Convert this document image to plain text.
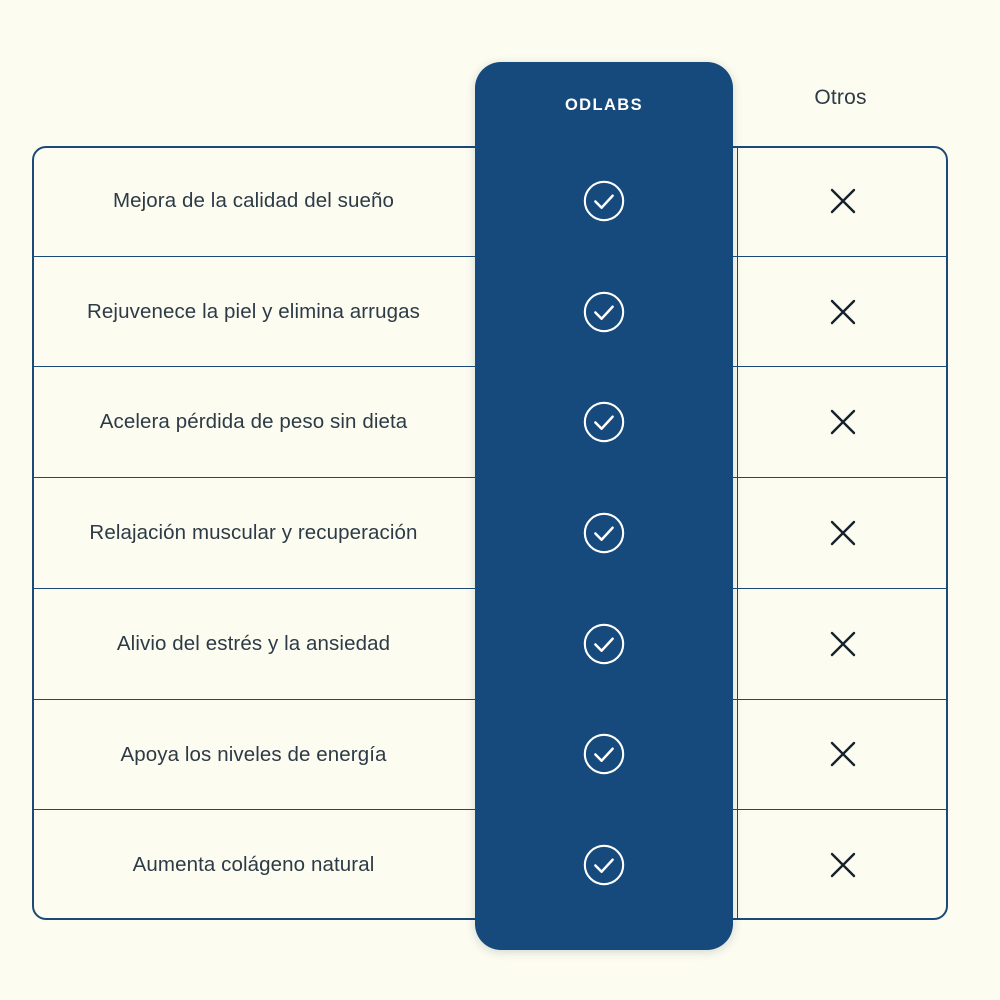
Mejora de la calidad del sueño
Rejuvenece la piel y elimina arrugas
Acelera pérdida de peso sin dieta
Relajación muscular y recuperación
Alivio del estrés y la ansiedad
Apoya los niveles de energía
Aumenta colágeno natural
Otros
ODLABS
